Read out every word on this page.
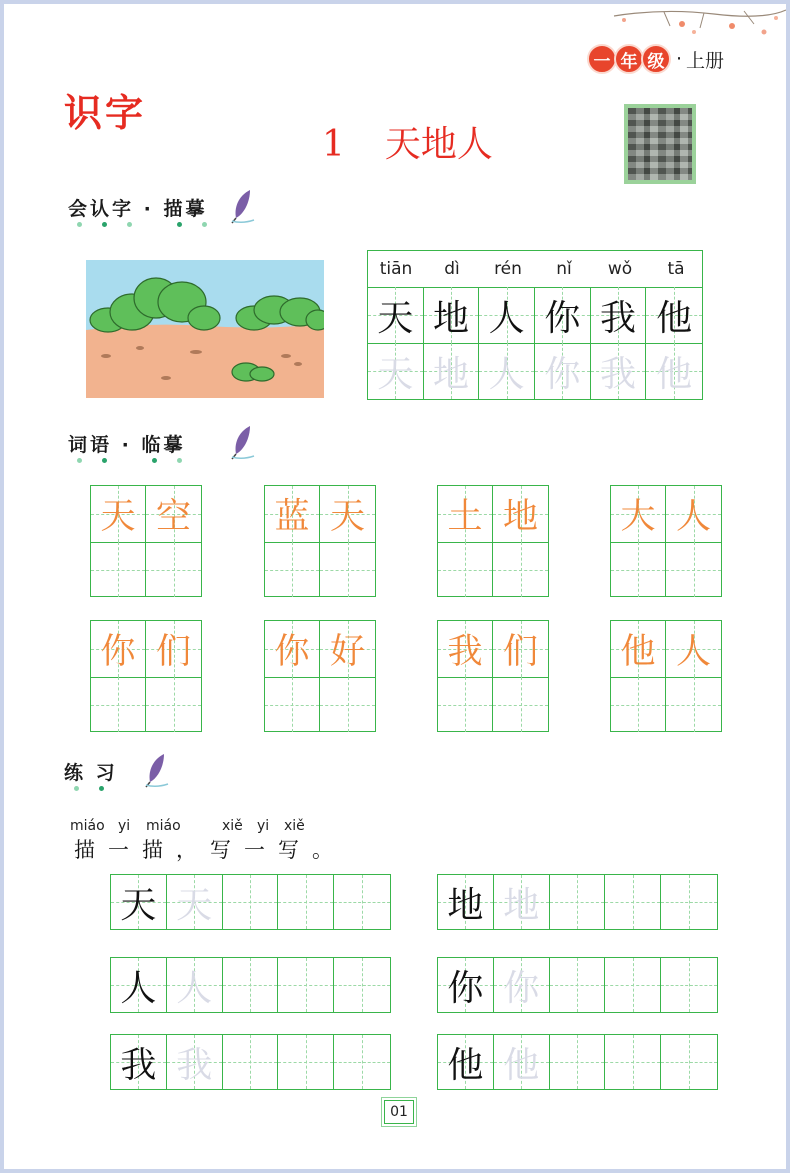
一 年 级 · 上册
识字
1 天地人
会认字 · 描摹
tiān	dì	rén	nǐ	wǒ	tā
天 地 人 你 我 他
天 地 人 你 我 他
词语 · 临摹
天 空 蓝 天 土 地 大 人
你 们 你 好 我 们 他 人
练 习
miáo yi miáo	xiě yi xiě
描一描，写一写。
天 天
人 人
我 我
地 地
你 你
他 他
01
